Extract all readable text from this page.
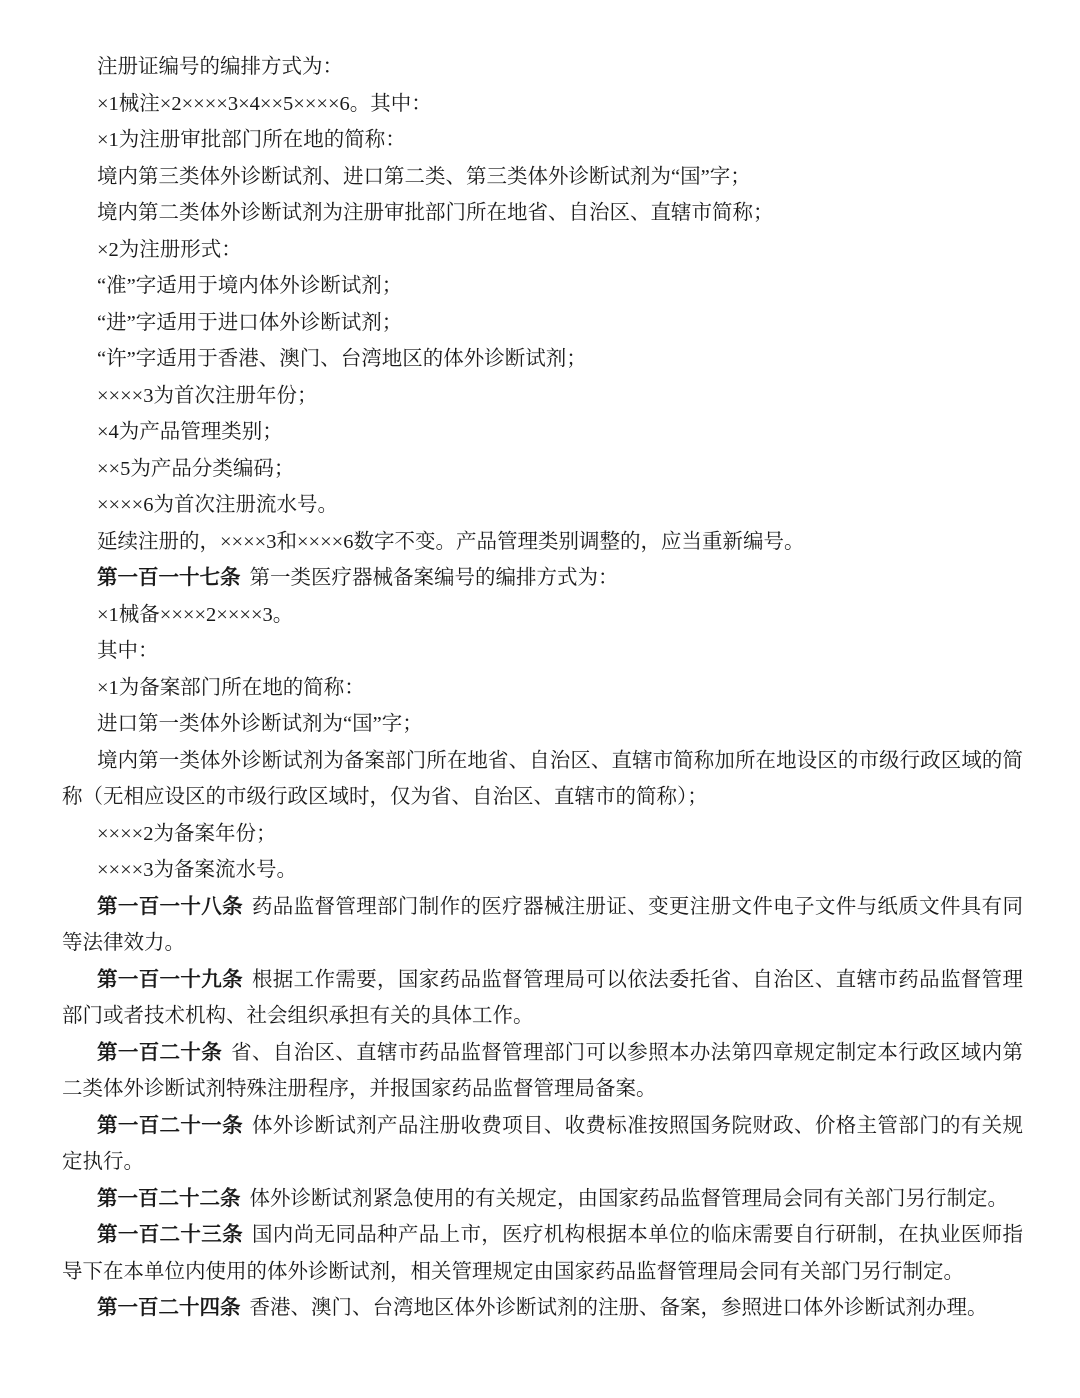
注册证编号的编排方式为：

×1械注×2××××3×4××5××××6。其中：

×1为注册审批部门所在地的简称：

境内第三类体外诊断试剂、进口第二类、第三类体外诊断试剂为“国”字；

境内第二类体外诊断试剂为注册审批部门所在地省、自治区、直辖市简称；

×2为注册形式：

“准”字适用于境内体外诊断试剂；

“进”字适用于进口体外诊断试剂；

“许”字适用于香港、澳门、台湾地区的体外诊断试剂；

××××3为首次注册年份；

×4为产品管理类别；

××5为产品分类编码；

××××6为首次注册流水号。

延续注册的，××××3和××××6数字不变。产品管理类别调整的，应当重新编号。

第一百一十七条 第一类医疗器械备案编号的编排方式为：

×1械备××××2××××3。

其中：

×1为备案部门所在地的简称：

进口第一类体外诊断试剂为“国”字；

境内第一类体外诊断试剂为备案部门所在地省、自治区、直辖市简称加所在地设区的市级行政区域的简称（无相应设区的市级行政区域时，仅为省、自治区、直辖市的简称）；

××××2为备案年份；

××××3为备案流水号。

第一百一十八条 药品监督管理部门制作的医疗器械注册证、变更注册文件电子文件与纸质文件具有同等法律效力。

第一百一十九条 根据工作需要，国家药品监督管理局可以依法委托省、自治区、直辖市药品监督管理部门或者技术机构、社会组织承担有关的具体工作。

第一百二十条 省、自治区、直辖市药品监督管理部门可以参照本办法第四章规定制定本行政区域内第二类体外诊断试剂特殊注册程序，并报国家药品监督管理局备案。

第一百二十一条 体外诊断试剂产品注册收费项目、收费标准按照国务院财政、价格主管部门的有关规定执行。

第一百二十二条 体外诊断试剂紧急使用的有关规定，由国家药品监督管理局会同有关部门另行制定。

第一百二十三条 国内尚无同品种产品上市，医疗机构根据本单位的临床需要自行研制，在执业医师指导下在本单位内使用的体外诊断试剂，相关管理规定由国家药品监督管理局会同有关部门另行制定。

第一百二十四条 香港、澳门、台湾地区体外诊断试剂的注册、备案，参照进口体外诊断试剂办理。
